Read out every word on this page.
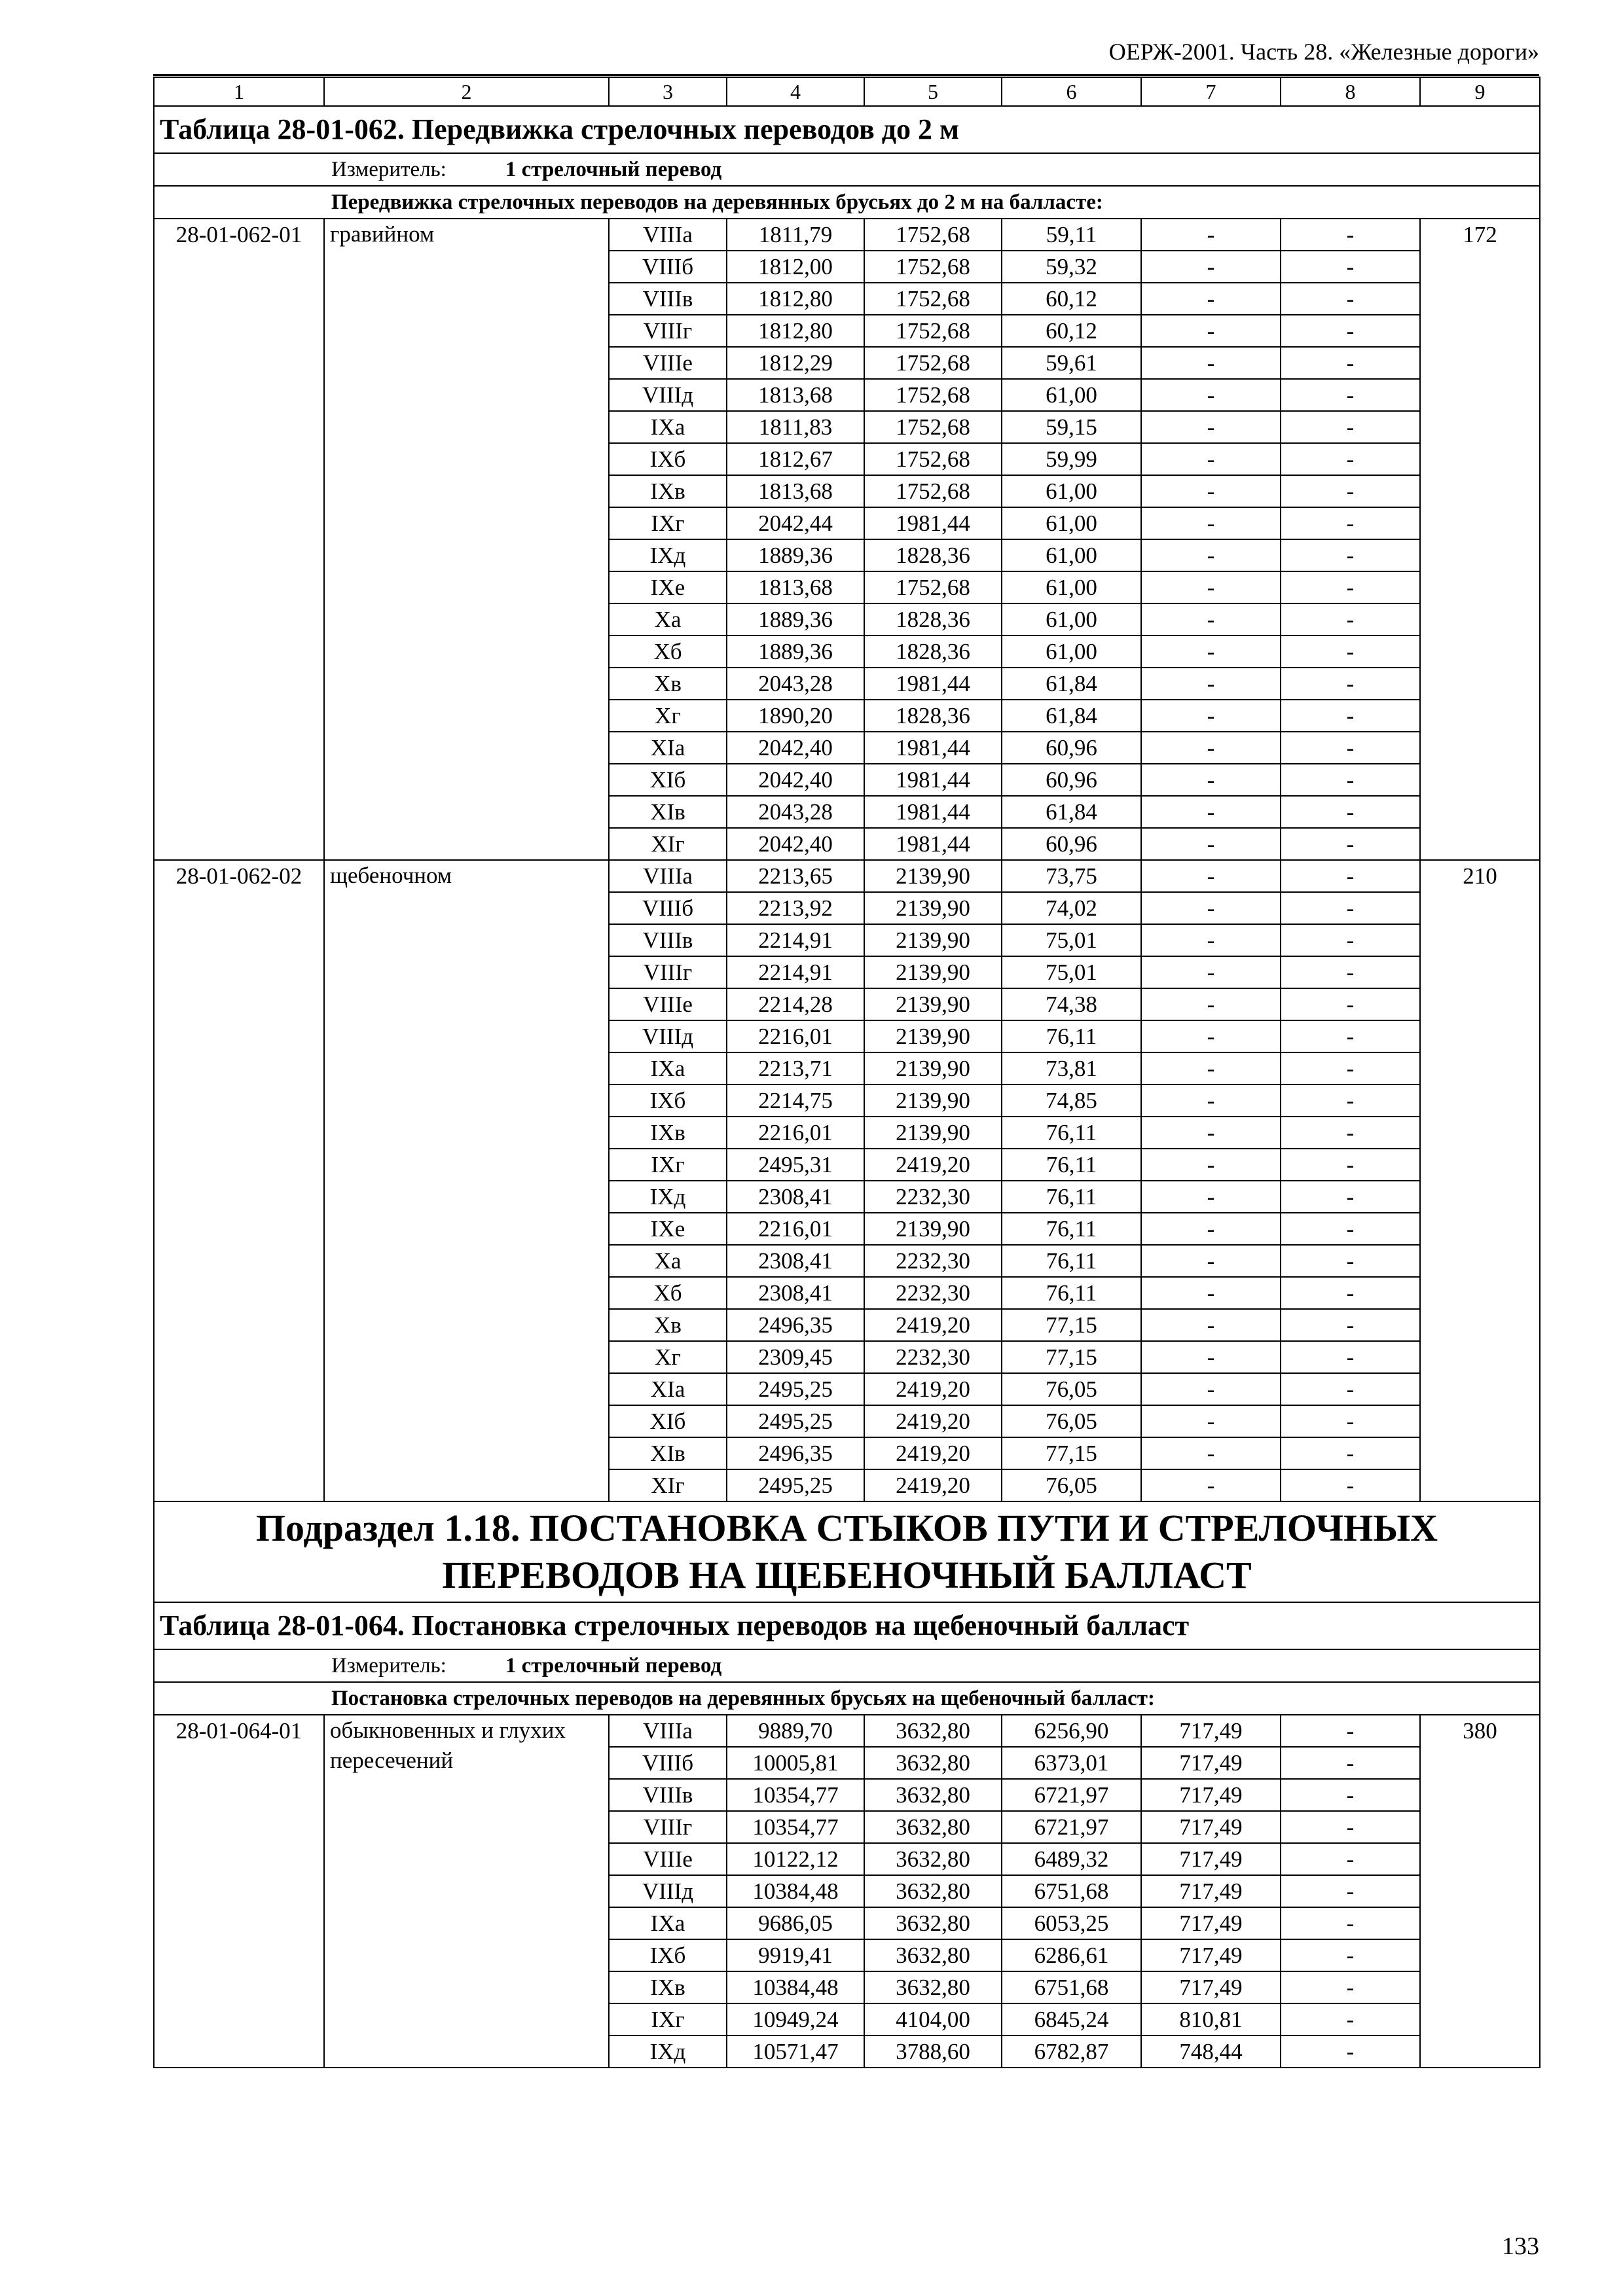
ОЕРЖ-2001. Часть 28. «Железные дороги»
1	2	3	4	5	6	7	8	9
Таблица 28-01-062. Передвижка стрелочных переводов до 2 м								
Измеритель: 1 стрелочный перевод								
Передвижка стрелочных переводов на деревянных брусьях до 2 м на балласте:								
28-01-062-01	гравийном	VIIIа	1811,79	1752,68	59,11	-	-	172
		VIIIб	1812,00	1752,68	59,32	-	-	
		VIIIв	1812,80	1752,68	60,12	-	-	
		VIIIг	1812,80	1752,68	60,12	-	-	
		VIIIе	1812,29	1752,68	59,61	-	-	
		VIIIд	1813,68	1752,68	61,00	-	-	
		IXа	1811,83	1752,68	59,15	-	-	
		IXб	1812,67	1752,68	59,99	-	-	
		IXв	1813,68	1752,68	61,00	-	-	
		IXг	2042,44	1981,44	61,00	-	-	
		IXд	1889,36	1828,36	61,00	-	-	
		IXе	1813,68	1752,68	61,00	-	-	
		Xа	1889,36	1828,36	61,00	-	-	
		Xб	1889,36	1828,36	61,00	-	-	
		Xв	2043,28	1981,44	61,84	-	-	
		Xг	1890,20	1828,36	61,84	-	-	
		XIа	2042,40	1981,44	60,96	-	-	
		XIб	2042,40	1981,44	60,96	-	-	
		XIв	2043,28	1981,44	61,84	-	-	
		XIг	2042,40	1981,44	60,96	-	-	
28-01-062-02	щебеночном	VIIIа	2213,65	2139,90	73,75	-	-	210
		VIIIб	2213,92	2139,90	74,02	-	-	
		VIIIв	2214,91	2139,90	75,01	-	-	
		VIIIг	2214,91	2139,90	75,01	-	-	
		VIIIе	2214,28	2139,90	74,38	-	-	
		VIIIд	2216,01	2139,90	76,11	-	-	
		IXа	2213,71	2139,90	73,81	-	-	
		IXб	2214,75	2139,90	74,85	-	-	
		IXв	2216,01	2139,90	76,11	-	-	
		IXг	2495,31	2419,20	76,11	-	-	
		IXд	2308,41	2232,30	76,11	-	-	
		IXе	2216,01	2139,90	76,11	-	-	
		Xа	2308,41	2232,30	76,11	-	-	
		Xб	2308,41	2232,30	76,11	-	-	
		Xв	2496,35	2419,20	77,15	-	-	
		Xг	2309,45	2232,30	77,15	-	-	
		XIа	2495,25	2419,20	76,05	-	-	
		XIб	2495,25	2419,20	76,05	-	-	
		XIв	2496,35	2419,20	77,15	-	-	
		XIг	2495,25	2419,20	76,05	-	-	
Подраздел 1.18. ПОСТАНОВКА СТЫКОВ ПУТИ И СТРЕЛОЧНЫХ ПЕРЕВОДОВ НА ЩЕБЕНОЧНЫЙ БАЛЛАСТ								
Таблица 28-01-064. Постановка стрелочных переводов на щебеночный балласт								
Измеритель: 1 стрелочный перевод								
Постановка стрелочных переводов на деревянных брусьях на щебеночный балласт:								
28-01-064-01	обыкновенных и глухих пересечений	VIIIа	9889,70	3632,80	6256,90	717,49	-	380
		VIIIб	10005,81	3632,80	6373,01	717,49	-	
		VIIIв	10354,77	3632,80	6721,97	717,49	-	
		VIIIг	10354,77	3632,80	6721,97	717,49	-	
		VIIIе	10122,12	3632,80	6489,32	717,49	-	
		VIIIд	10384,48	3632,80	6751,68	717,49	-	
		IXа	9686,05	3632,80	6053,25	717,49	-	
		IXб	9919,41	3632,80	6286,61	717,49	-	
		IXв	10384,48	3632,80	6751,68	717,49	-	
		IXг	10949,24	4104,00	6845,24	810,81	-	
		IXд	10571,47	3788,60	6782,87	748,44	-	
133
